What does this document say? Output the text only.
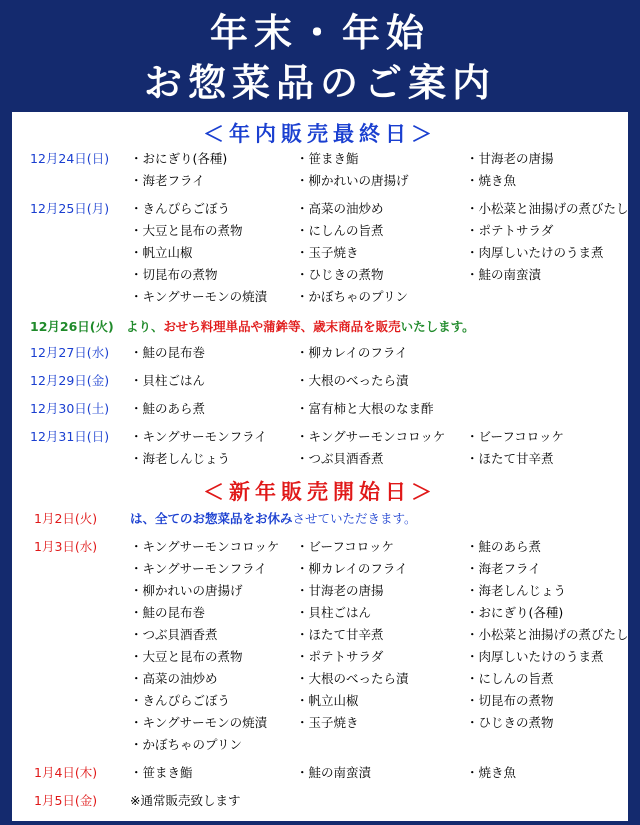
年末・年始
お惣菜品のご案内
＜年内販売最終日＞
12月24日(日)	・おにぎり(各種)	・笹まき鮨	・甘海老の唐揚
・海老フライ	・柳かれいの唐揚げ	・焼き魚
12月25日(月)	・きんぴらごぼう	・高菜の油炒め	・小松菜と油揚げの煮びたし
・大豆と昆布の煮物	・にしんの旨煮	・ポテトサラダ
・帆立山椒	・玉子焼き	・肉厚しいたけのうま煮
・切昆布の煮物	・ひじきの煮物	・鮭の南蛮漬
・キングサーモンの焼漬 ・かぼちゃのプリン
12月26日(火) より、おせち料理単品や蒲鉾等、歳末商品を販売いたします。
12月27日(水)	・鮭の昆布巻	・柳カレイのフライ
12月29日(金)	・貝柱ごはん	・大根のべったら漬
12月30日(土)	・鮭のあら煮	・富有柿と大根のなま酢
12月31日(日)	・キングサーモンフライ ・キングサーモンコロッケ ・ビーフコロッケ
・海老しんじょう	・つぶ貝酒香煮	・ほたて甘辛煮
＜新年販売開始日＞
1月2日(火)	は、全てのお惣菜品をお休みさせていただきます。
1月3日(水)	・キングサーモンコロッケ ・ビーフコロッケ	・鮭のあら煮
・キングサーモンフライ ・柳カレイのフライ	・海老フライ
・柳かれいの唐揚げ	・甘海老の唐揚	・海老しんじょう
・鮭の昆布巻	・貝柱ごはん	・おにぎり(各種)
・つぶ貝酒香煮	・ほたて甘辛煮	・小松菜と油揚げの煮びたし
・大豆と昆布の煮物	・ポテトサラダ	・肉厚しいたけのうま煮
・高菜の油炒め	・大根のべったら漬	・にしんの旨煮
・きんぴらごぼう	・帆立山椒	・切昆布の煮物
・キングサーモンの焼漬 ・玉子焼き	・ひじきの煮物
・かぼちゃのプリン
1月4日(木)	・笹まき鮨	・鮭の南蛮漬	・焼き魚
1月5日(金)	※通常販売致します
